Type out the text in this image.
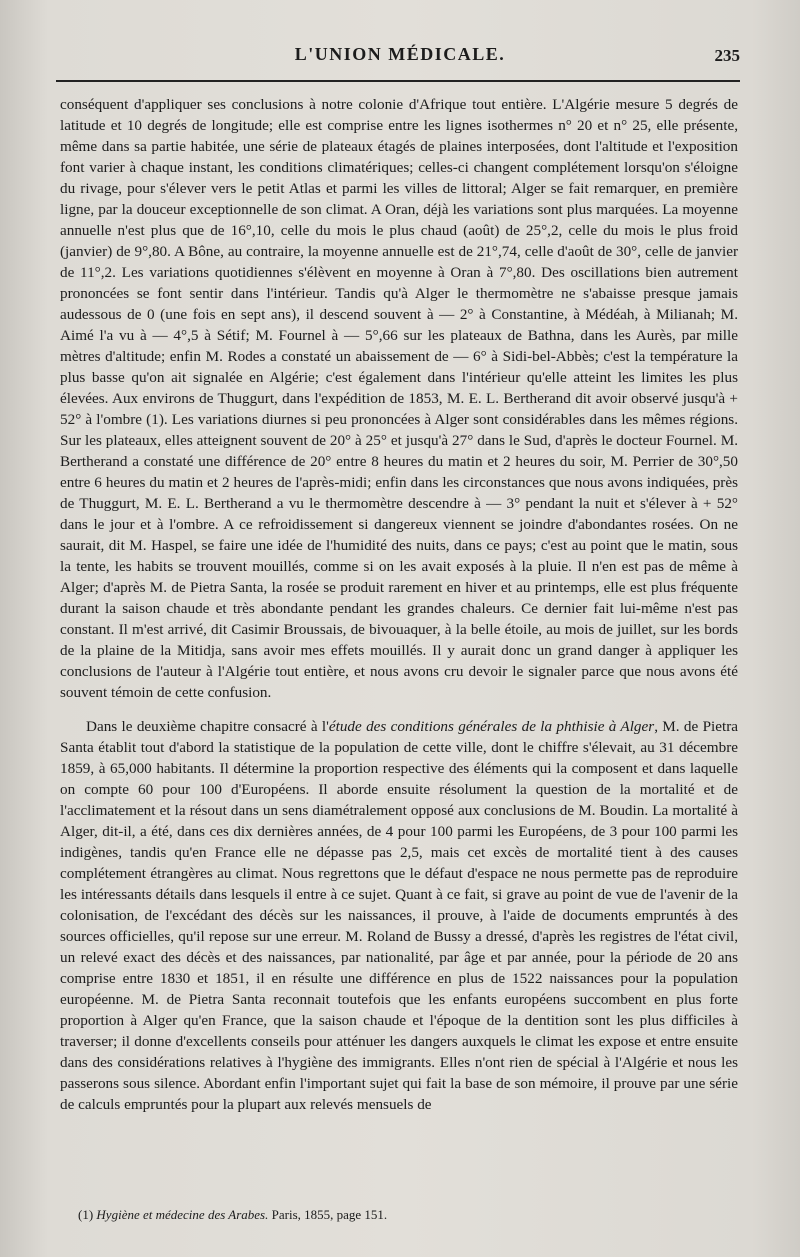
L'UNION MÉDICALE.	235

conséquent d'appliquer ses conclusions à notre colonie d'Afrique tout entière. L'Algérie mesure 5 degrés de latitude et 10 degrés de longitude; elle est comprise entre les lignes isothermes n° 20 et n° 25, elle présente, même dans sa partie habitée, une série de plateaux étagés de plaines interposées, dont l'altitude et l'exposition font varier à chaque instant, les conditions climatériques; celles-ci changent complétement lorsqu'on s'éloigne du rivage, pour s'élever vers le petit Atlas et parmi les villes de littoral; Alger se fait remarquer, en première ligne, par la douceur exceptionnelle de son climat. A Oran, déjà les variations sont plus marquées. La moyenne annuelle n'est plus que de 16°,10, celle du mois le plus chaud (août) de 25°,2, celle du mois le plus froid (janvier) de 9°,80. A Bône, au contraire, la moyenne annuelle est de 21°,74, celle d'août de 30°, celle de janvier de 11°,2. Les variations quotidiennes s'élèvent en moyenne à Oran à 7°,80. Des oscillations bien autrement prononcées se font sentir dans l'intérieur. Tandis qu'à Alger le thermomètre ne s'abaisse presque jamais audessous de 0 (une fois en sept ans), il descend souvent à — 2° à Constantine, à Médéah, à Milianah; M. Aimé l'a vu à — 4°,5 à Sétif; M. Fournel à — 5°,66 sur les plateaux de Bathna, dans les Aurès, par mille mètres d'altitude; enfin M. Rodes a constaté un abaissement de — 6° à Sidi-bel-Abbès; c'est la température la plus basse qu'on ait signalée en Algérie; c'est également dans l'intérieur qu'elle atteint les limites les plus élevées. Aux environs de Thuggurt, dans l'expédition de 1853, M. E. L. Bertherand dit avoir observé jusqu'à + 52° à l'ombre (1). Les variations diurnes si peu prononcées à Alger sont considérables dans les mêmes régions. Sur les plateaux, elles atteignent souvent de 20° à 25° et jusqu'à 27° dans le Sud, d'après le docteur Fournel. M. Bertherand a constaté une différence de 20° entre 8 heures du matin et 2 heures du soir, M. Perrier de 30°,50 entre 6 heures du matin et 2 heures de l'après-midi; enfin dans les circonstances que nous avons indiquées, près de Thuggurt, M. E. L. Bertherand a vu le thermomètre descendre à — 3° pendant la nuit et s'élever à + 52° dans le jour et à l'ombre. A ce refroidissement si dangereux viennent se joindre d'abondantes rosées. On ne saurait, dit M. Haspel, se faire une idée de l'humidité des nuits, dans ce pays; c'est au point que le matin, sous la tente, les habits se trouvent mouillés, comme si on les avait exposés à la pluie. Il n'en est pas de même à Alger; d'après M. de Pietra Santa, la rosée se produit rarement en hiver et au printemps, elle est plus fréquente durant la saison chaude et très abondante pendant les grandes chaleurs. Ce dernier fait lui-même n'est pas constant. Il m'est arrivé, dit Casimir Broussais, de bivouaquer, à la belle étoile, au mois de juillet, sur les bords de la plaine de la Mitidja, sans avoir mes effets mouillés. Il y aurait donc un grand danger à appliquer les conclusions de l'auteur à l'Algérie tout entière, et nous avons cru devoir le signaler parce que nous avons été souvent témoin de cette confusion.

Dans le deuxième chapitre consacré à l'étude des conditions générales de la phthisie à Alger, M. de Pietra Santa établit tout d'abord la statistique de la population de cette ville, dont le chiffre s'élevait, au 31 décembre 1859, à 65,000 habitants. Il détermine la proportion respective des éléments qui la composent et dans laquelle on compte 60 pour 100 d'Européens. Il aborde ensuite résolument la question de la mortalité et de l'acclimatement et la résout dans un sens diamétralement opposé aux conclusions de M. Boudin. La mortalité à Alger, dit-il, a été, dans ces dix dernières années, de 4 pour 100 parmi les Européens, de 3 pour 100 parmi les indigènes, tandis qu'en France elle ne dépasse pas 2,5, mais cet excès de mortalité tient à des causes complétement étrangères au climat. Nous regrettons que le défaut d'espace ne nous permette pas de reproduire les intéressants détails dans lesquels il entre à ce sujet. Quant à ce fait, si grave au point de vue de l'avenir de la colonisation, de l'excédant des décès sur les naissances, il prouve, à l'aide de documents empruntés à des sources officielles, qu'il repose sur une erreur. M. Roland de Bussy a dressé, d'après les registres de l'état civil, un relevé exact des décès et des naissances, par nationalité, par âge et par année, pour la période de 20 ans comprise entre 1830 et 1851, il en résulte une différence en plus de 1522 naissances pour la population européenne. M. de Pietra Santa reconnait toutefois que les enfants européens succombent en plus forte proportion à Alger qu'en France, que la saison chaude et l'époque de la dentition sont les plus difficiles à traverser; il donne d'excellents conseils pour atténuer les dangers auxquels le climat les expose et entre ensuite dans des considérations relatives à l'hygiène des immigrants. Elles n'ont rien de spécial à l'Algérie et nous les passerons sous silence. Abordant enfin l'important sujet qui fait la base de son mémoire, il prouve par une série de calculs empruntés pour la plupart aux relevés mensuels de

(1) Hygiène et médecine des Arabes. Paris, 1855, page 151.
